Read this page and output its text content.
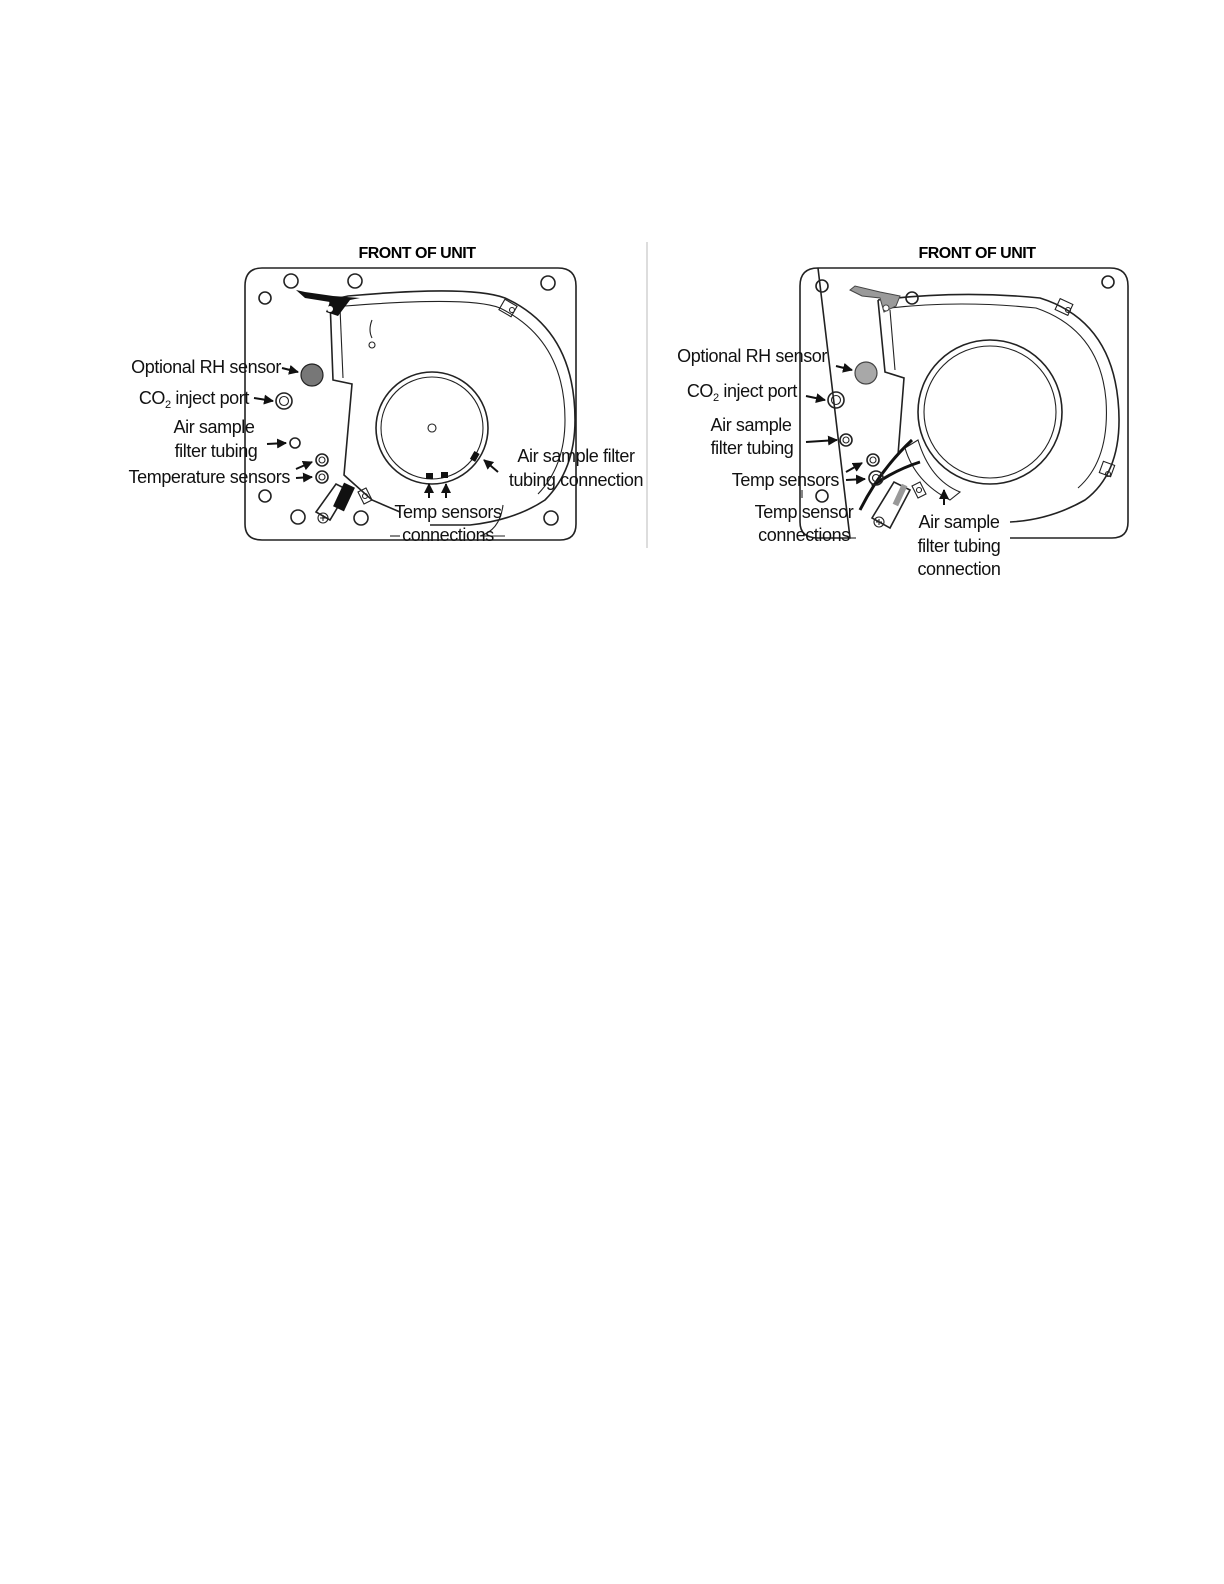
FRONT OF UNIT
Optional RH sensor
$CO_2$ inject port
Air sample
filter tubing
Temperature sensors
Air sample filter
tubing connection
Temp sensors
connections
FRONT OF UNIT
Optional RH sensor
$CO_2$ inject port
Air sample
filter tubing
Temp sensors
Temp sensor
connections
Air sample
filter tubing
connection
